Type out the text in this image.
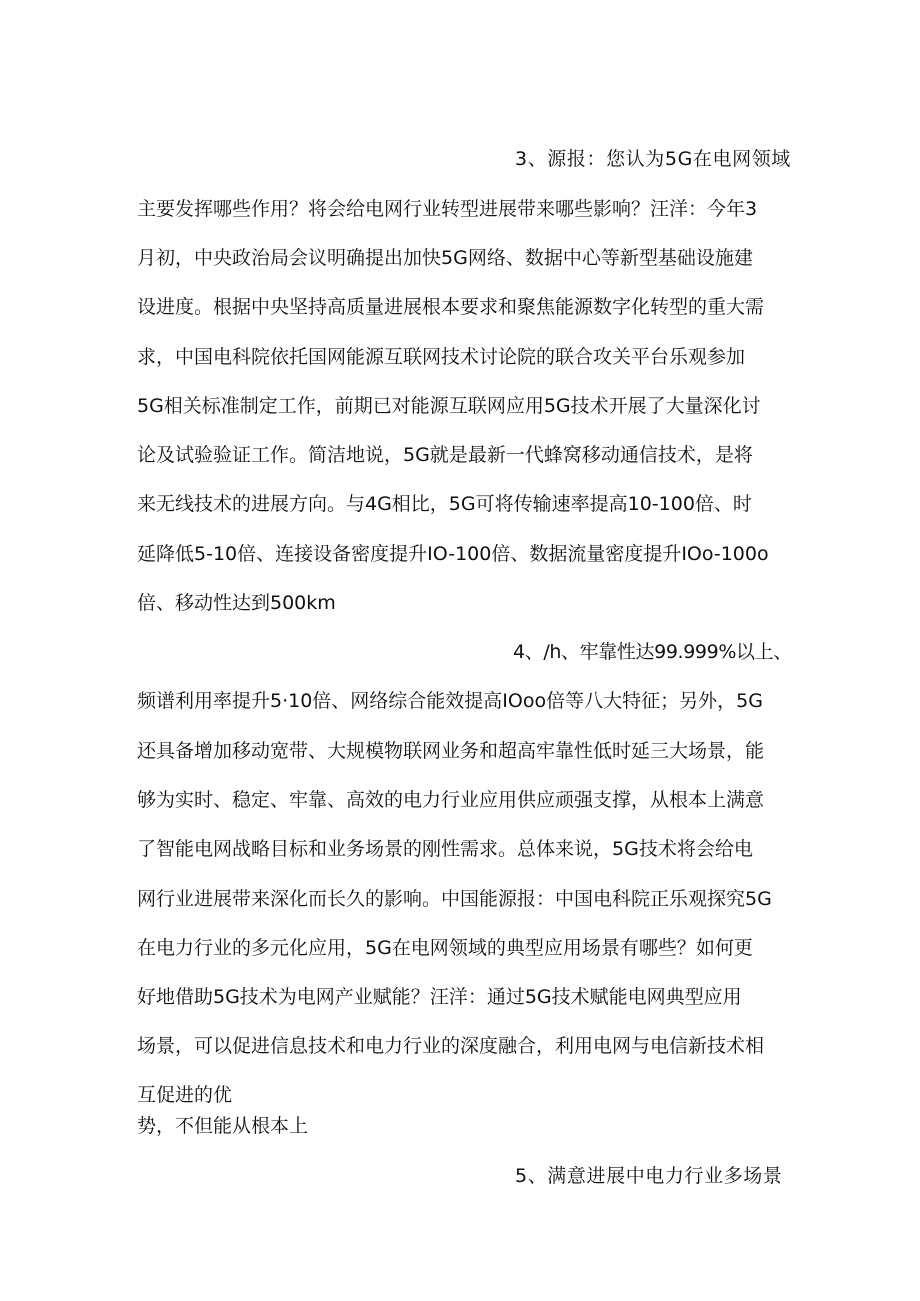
3、源报：您认为5G在电网领域
主要发挥哪些作用？将会给电网行业转型进展带来哪些影响？汪洋：今年3
月初，中央政治局会议明确提出加快5G网络、数据中心等新型基础设施建
设进度。根据中央坚持高质量进展根本要求和聚焦能源数字化转型的重大需
求，中国电科院依托国网能源互联网技术讨论院的联合攻关平台乐观参加
5G相关标准制定工作，前期已对能源互联网应用5G技术开展了大量深化讨
论及试验验证工作。简洁地说，5G就是最新一代蜂窝移动通信技术，是将
来无线技术的进展方向。与4G相比，5G可将传输速率提高10-100倍、时
延降低5-10倍、连接设备密度提升IO-100倍、数据流量密度提升IOo-100o
倍、移动性达到500km
4、/h、牢靠性达99.999%以上、
频谱利用率提升5·10倍、网络综合能效提高IOoo倍等八大特征；另外，5G
还具备增加移动宽带、大规模物联网业务和超高牢靠性低时延三大场景，能
够为实时、稳定、牢靠、高效的电力行业应用供应顽强支撑，从根本上满意
了智能电网战略目标和业务场景的刚性需求。总体来说，5G技术将会给电
网行业进展带来深化而长久的影响。中国能源报：中国电科院正乐观探究5G
在电力行业的多元化应用，5G在电网领域的典型应用场景有哪些？如何更
好地借助5G技术为电网产业赋能？汪洋：通过5G技术赋能电网典型应用
场景，可以促进信息技术和电力行业的深度融合，利用电网与电信新技术相
互促进的优
势，不但能从根本上
5、满意进展中电力行业多场景
